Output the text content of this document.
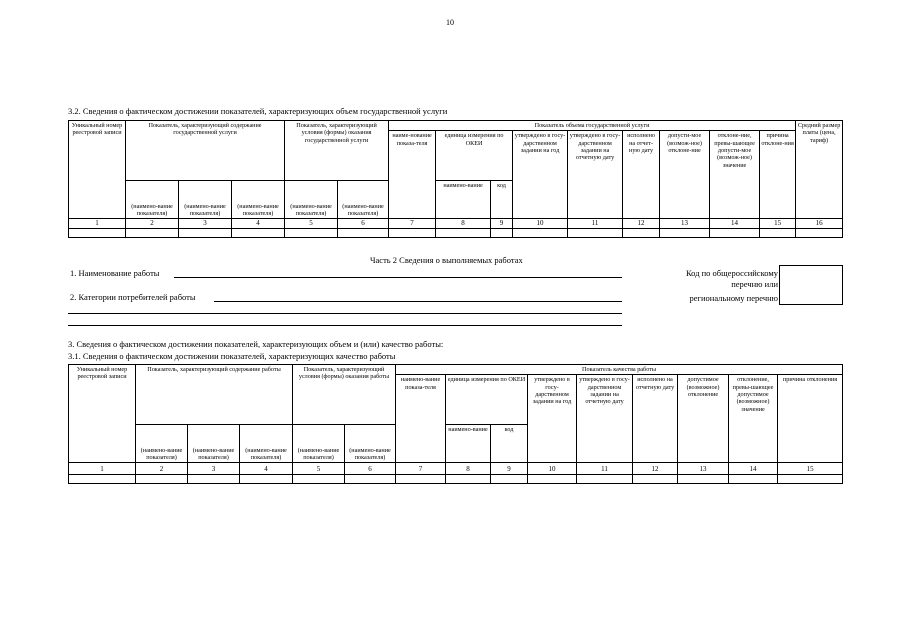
10
3.2. Сведения о фактическом достижении показателей, характеризующих объем государственной услуги
Уникальный номер реестровой записи	Показатель, характеризующий содержание государственной услуги			Показатель, характеризующий условия (формы) оказания государственной услуги		Показатель объема государственной услуги									Средний размер платы (цена, тариф)
						наиме-нование показа-теля	единица измерения по ОКЕИ		утверждено в госу-дарственном задании на год	утверждено в госу-дарственном задании на отчетную дату	исполнено на отчет-ную дату	допусти-мое (возмож-ное) отклоне-ние	отклоне-ние, превы-шающее допусти-мое (возмож-ное) значение	причина отклоне-ния	
	(наимено-вание показателя)	(наимено-вание показателя)	(наимено-вание показателя)	(наимено-вание показателя)	(наимено-вание показателя)		наимено-вание	код							
1	2	3	4	5	6	7	8	9	10	11	12	13	14	15	16

Часть 2 Сведения о выполняемых работах
1. Наименование работы
2. Категории потребителей работы
Код по общероссийскому
перечню или
региональному перечню
3. Сведения о фактическом достижении показателей, характеризующих объем и (или) качество работы:
3.1. Сведения о фактическом достижении показателей, характеризующих качество работы
Уникальный номер реестровой записи	Показатель, характеризующий содержание работы			Показатель, характеризующий условия (формы) оказания работы		Показатель качества работы								
						наимено-вание показа-теля	единица измерения по ОКЕИ		утверждено в госу-дарственном задании на год	утверждено в госу-дарственном задании на отчетную дату	исполнено на отчетную дату	допустимое (возможное) отклонение	отклонение, превы-шающее допустимое (возможное) значение	причина отклонения
	(наимено-вание показателя)	(наимено-вание показателя)	(наимено-вание показателя)	(наимено-вание показателя)	(наимено-вание показателя)		наимено-вание	код						
1	2	3	4	5	6	7	8	9	10	11	12	13	14	15
